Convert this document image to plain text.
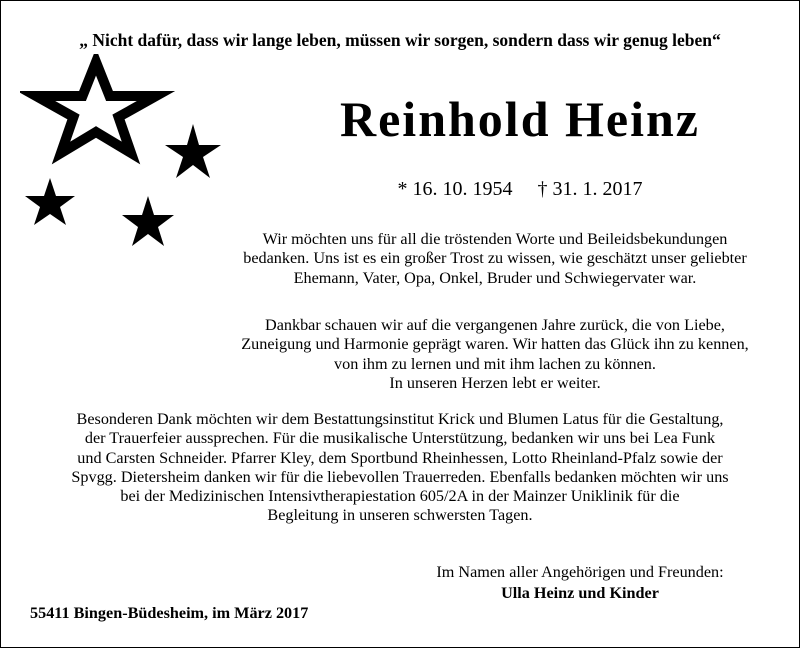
„ Nicht dafür, dass wir lange leben, müssen wir sorgen, sondern dass wir genug leben“
Reinhold Heinz
* 16. 10. 1954 † 31. 1. 2017
Wir möchten uns für all die tröstenden Worte und Beileidsbekundungen
bedanken. Uns ist es ein großer Trost zu wissen, wie geschätzt unser geliebter
Ehemann, Vater, Opa, Onkel, Bruder und Schwiegervater war.
Dankbar schauen wir auf die vergangenen Jahre zurück, die von Liebe,
Zuneigung und Harmonie geprägt waren. Wir hatten das Glück ihn zu kennen,
von ihm zu lernen und mit ihm lachen zu können.
In unseren Herzen lebt er weiter.
Besonderen Dank möchten wir dem Bestattungsinstitut Krick und Blumen Latus für die Gestaltung,
der Trauerfeier aussprechen. Für die musikalische Unterstützung, bedanken wir uns bei Lea Funk
und Carsten Schneider. Pfarrer Kley, dem Sportbund Rheinhessen, Lotto Rheinland-Pfalz sowie der
Spvgg. Dietersheim danken wir für die liebevollen Trauerreden. Ebenfalls bedanken möchten wir uns
bei der Medizinischen Intensivtherapiestation 605/2A in der Mainzer Uniklinik für die
Begleitung in unseren schwersten Tagen.
Im Namen aller Angehörigen und Freunden:
Ulla Heinz und Kinder
55411 Bingen-Büdesheim, im März 2017
